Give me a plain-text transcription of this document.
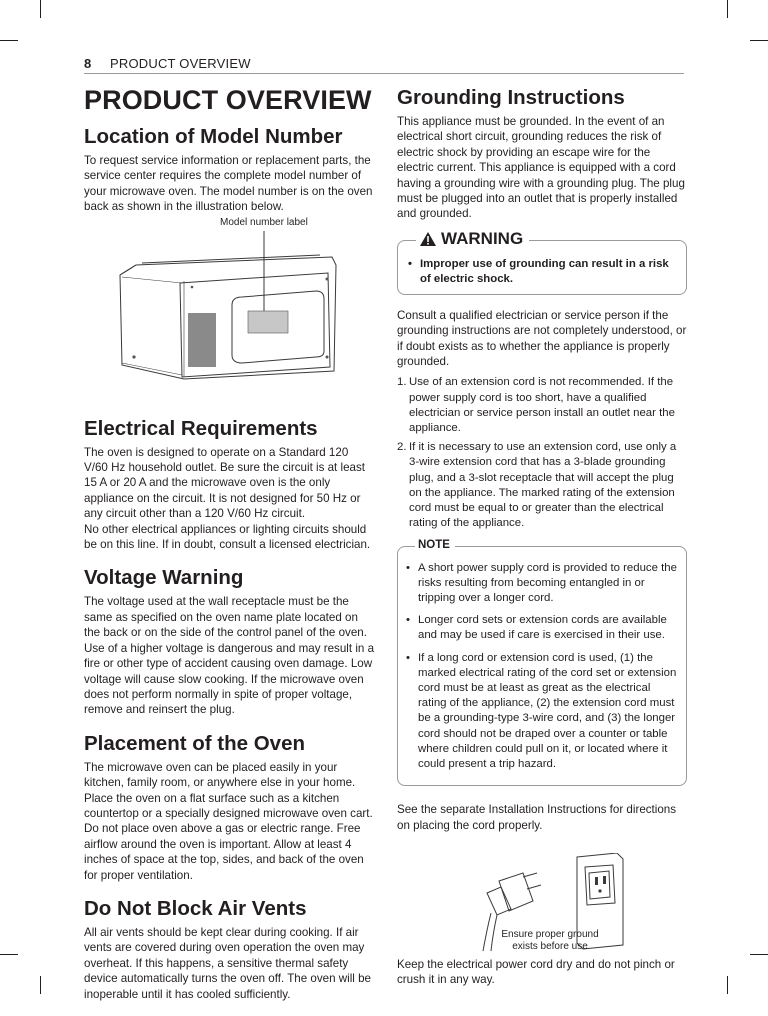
8 PRODUCT OVERVIEW
PRODUCT OVERVIEW
Location of Model Number

To request service information or replacement parts, the service center requires the complete model number of your microwave oven. The model number is on the oven back as shown in the illustration below.

Model number label
Electrical Requirements

The oven is designed to operate on a Standard 120 V/60 Hz household outlet. Be sure the circuit is at least 15 A or 20 A and the microwave oven is the only appliance on the circuit. It is not designed for 50 Hz or any circuit other than a 120 V/60 Hz circuit.

No other electrical appliances or lighting circuits should be on this line. If in doubt, consult a licensed electrician.

Voltage Warning

The voltage used at the wall receptacle must be the same as specified on the oven name plate located on the back or on the side of the control panel of the oven. Use of a higher voltage is dangerous and may result in a fire or other type of accident causing oven damage. Low voltage will cause slow cooking. If the microwave oven does not perform normally in spite of proper voltage, remove and reinsert the plug.

Placement of the Oven

The microwave oven can be placed easily in your kitchen, family room, or anywhere else in your home. Place the oven on a flat surface such as a kitchen countertop or a specially designed microwave oven cart. Do not place oven above a gas or electric range. Free airflow around the oven is important. Allow at least 4 inches of space at the top, sides, and back of the oven for proper ventilation.

Do Not Block Air Vents

All air vents should be kept clear during cooking. If air vents are covered during oven operation the oven may overheat. If this happens, a sensitive thermal safety device automatically turns the oven off. The oven will be inoperable until it has cooled sufficiently.

Grounding Instructions

This appliance must be grounded. In the event of an electrical short circuit, grounding reduces the risk of electric shock by providing an escape wire for the electric current. This appliance is equipped with a cord having a grounding wire with a grounding plug. The plug must be plugged into an outlet that is properly installed and grounded.

WARNING
• Improper use of grounding can result in a risk of electric shock.

Consult a qualified electrician or service person if the grounding instructions are not completely understood, or if doubt exists as to whether the appliance is properly grounded.

1. Use of an extension cord is not recommended. If the power supply cord is too short, have a qualified electrician or service person install an outlet near the appliance.
2. If it is necessary to use an extension cord, use only a 3-wire extension cord that has a 3-blade grounding plug, and a 3-slot receptacle that will accept the plug on the appliance. The marked rating of the extension cord must be equal to or greater than the electrical rating of the appliance.
NOTE
• A short power supply cord is provided to reduce the risks resulting from becoming entangled in or tripping over a longer cord.
• Longer cord sets or extension cords are available and may be used if care is exercised in their use.
• If a long cord or extension cord is used, (1) the marked electrical rating of the cord set or extension cord must be at least as great as the electrical rating of the appliance, (2) the extension cord must be a grounding-type 3-wire cord, and (3) the longer cord should not be draped over a counter or table where children could pull on it, or located where it could present a trip hazard.

See the separate Installation Instructions for directions on placing the cord properly.

Ensure proper ground exists before use

Keep the electrical power cord dry and do not pinch or crush it in any way.
